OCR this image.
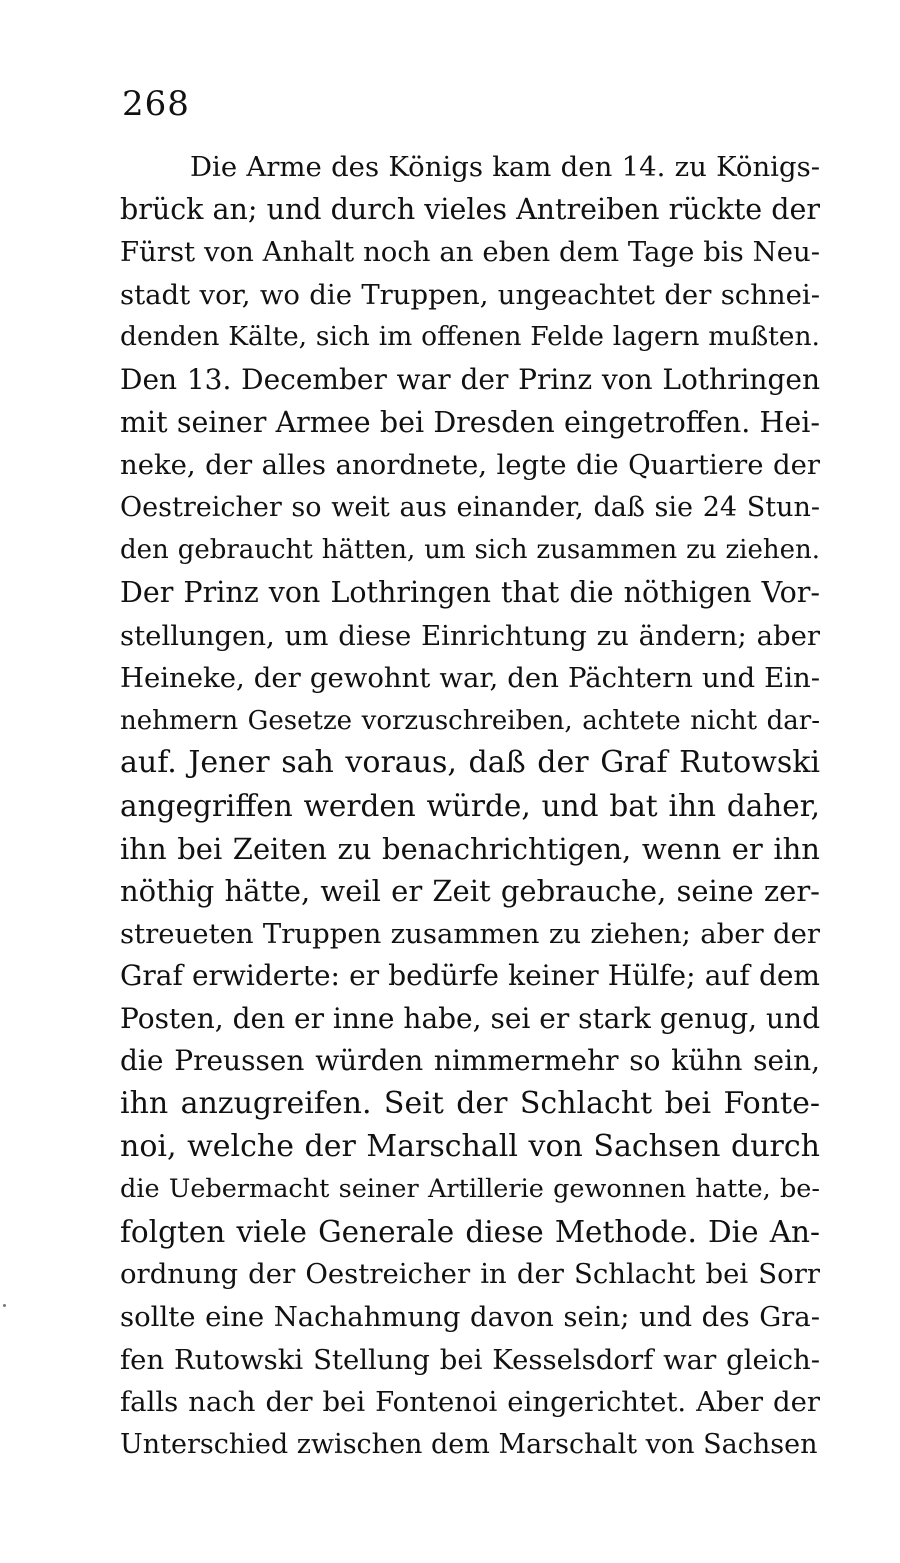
268
Die Arme des Königs kam den 14. zu Königs-
brück an; und durch vieles Antreiben rückte der
Fürst von Anhalt noch an eben dem Tage bis Neu-
stadt vor, wo die Truppen, ungeachtet der schnei-
denden Kälte, sich im offenen Felde lagern mußten.
Den 13. December war der Prinz von Lothringen
mit seiner Armee bei Dresden eingetroffen. Hei-
neke, der alles anordnete, legte die Quartiere der
Oestreicher so weit aus einander, daß sie 24 Stun-
den gebraucht hätten, um sich zusammen zu ziehen.
Der Prinz von Lothringen that die nöthigen Vor-
stellungen, um diese Einrichtung zu ändern; aber
Heineke, der gewohnt war, den Pächtern und Ein-
nehmern Gesetze vorzuschreiben, achtete nicht dar-
auf. Jener sah voraus, daß der Graf Rutowski
angegriffen werden würde, und bat ihn daher,
ihn bei Zeiten zu benachrichtigen, wenn er ihn
nöthig hätte, weil er Zeit gebrauche, seine zer-
streueten Truppen zusammen zu ziehen; aber der
Graf erwiderte: er bedürfe keiner Hülfe; auf dem
Posten, den er inne habe, sei er stark genug, und
die Preussen würden nimmermehr so kühn sein,
ihn anzugreifen. Seit der Schlacht bei Fonte-
noi, welche der Marschall von Sachsen durch
die Uebermacht seiner Artillerie gewonnen hatte, be-
folgten viele Generale diese Methode. Die An-
ordnung der Oestreicher in der Schlacht bei Sorr
sollte eine Nachahmung davon sein; und des Gra-
fen Rutowski Stellung bei Kesselsdorf war gleich-
falls nach der bei Fontenoi eingerichtet. Aber der
Unterschied zwischen dem Marschalt von Sachsen
